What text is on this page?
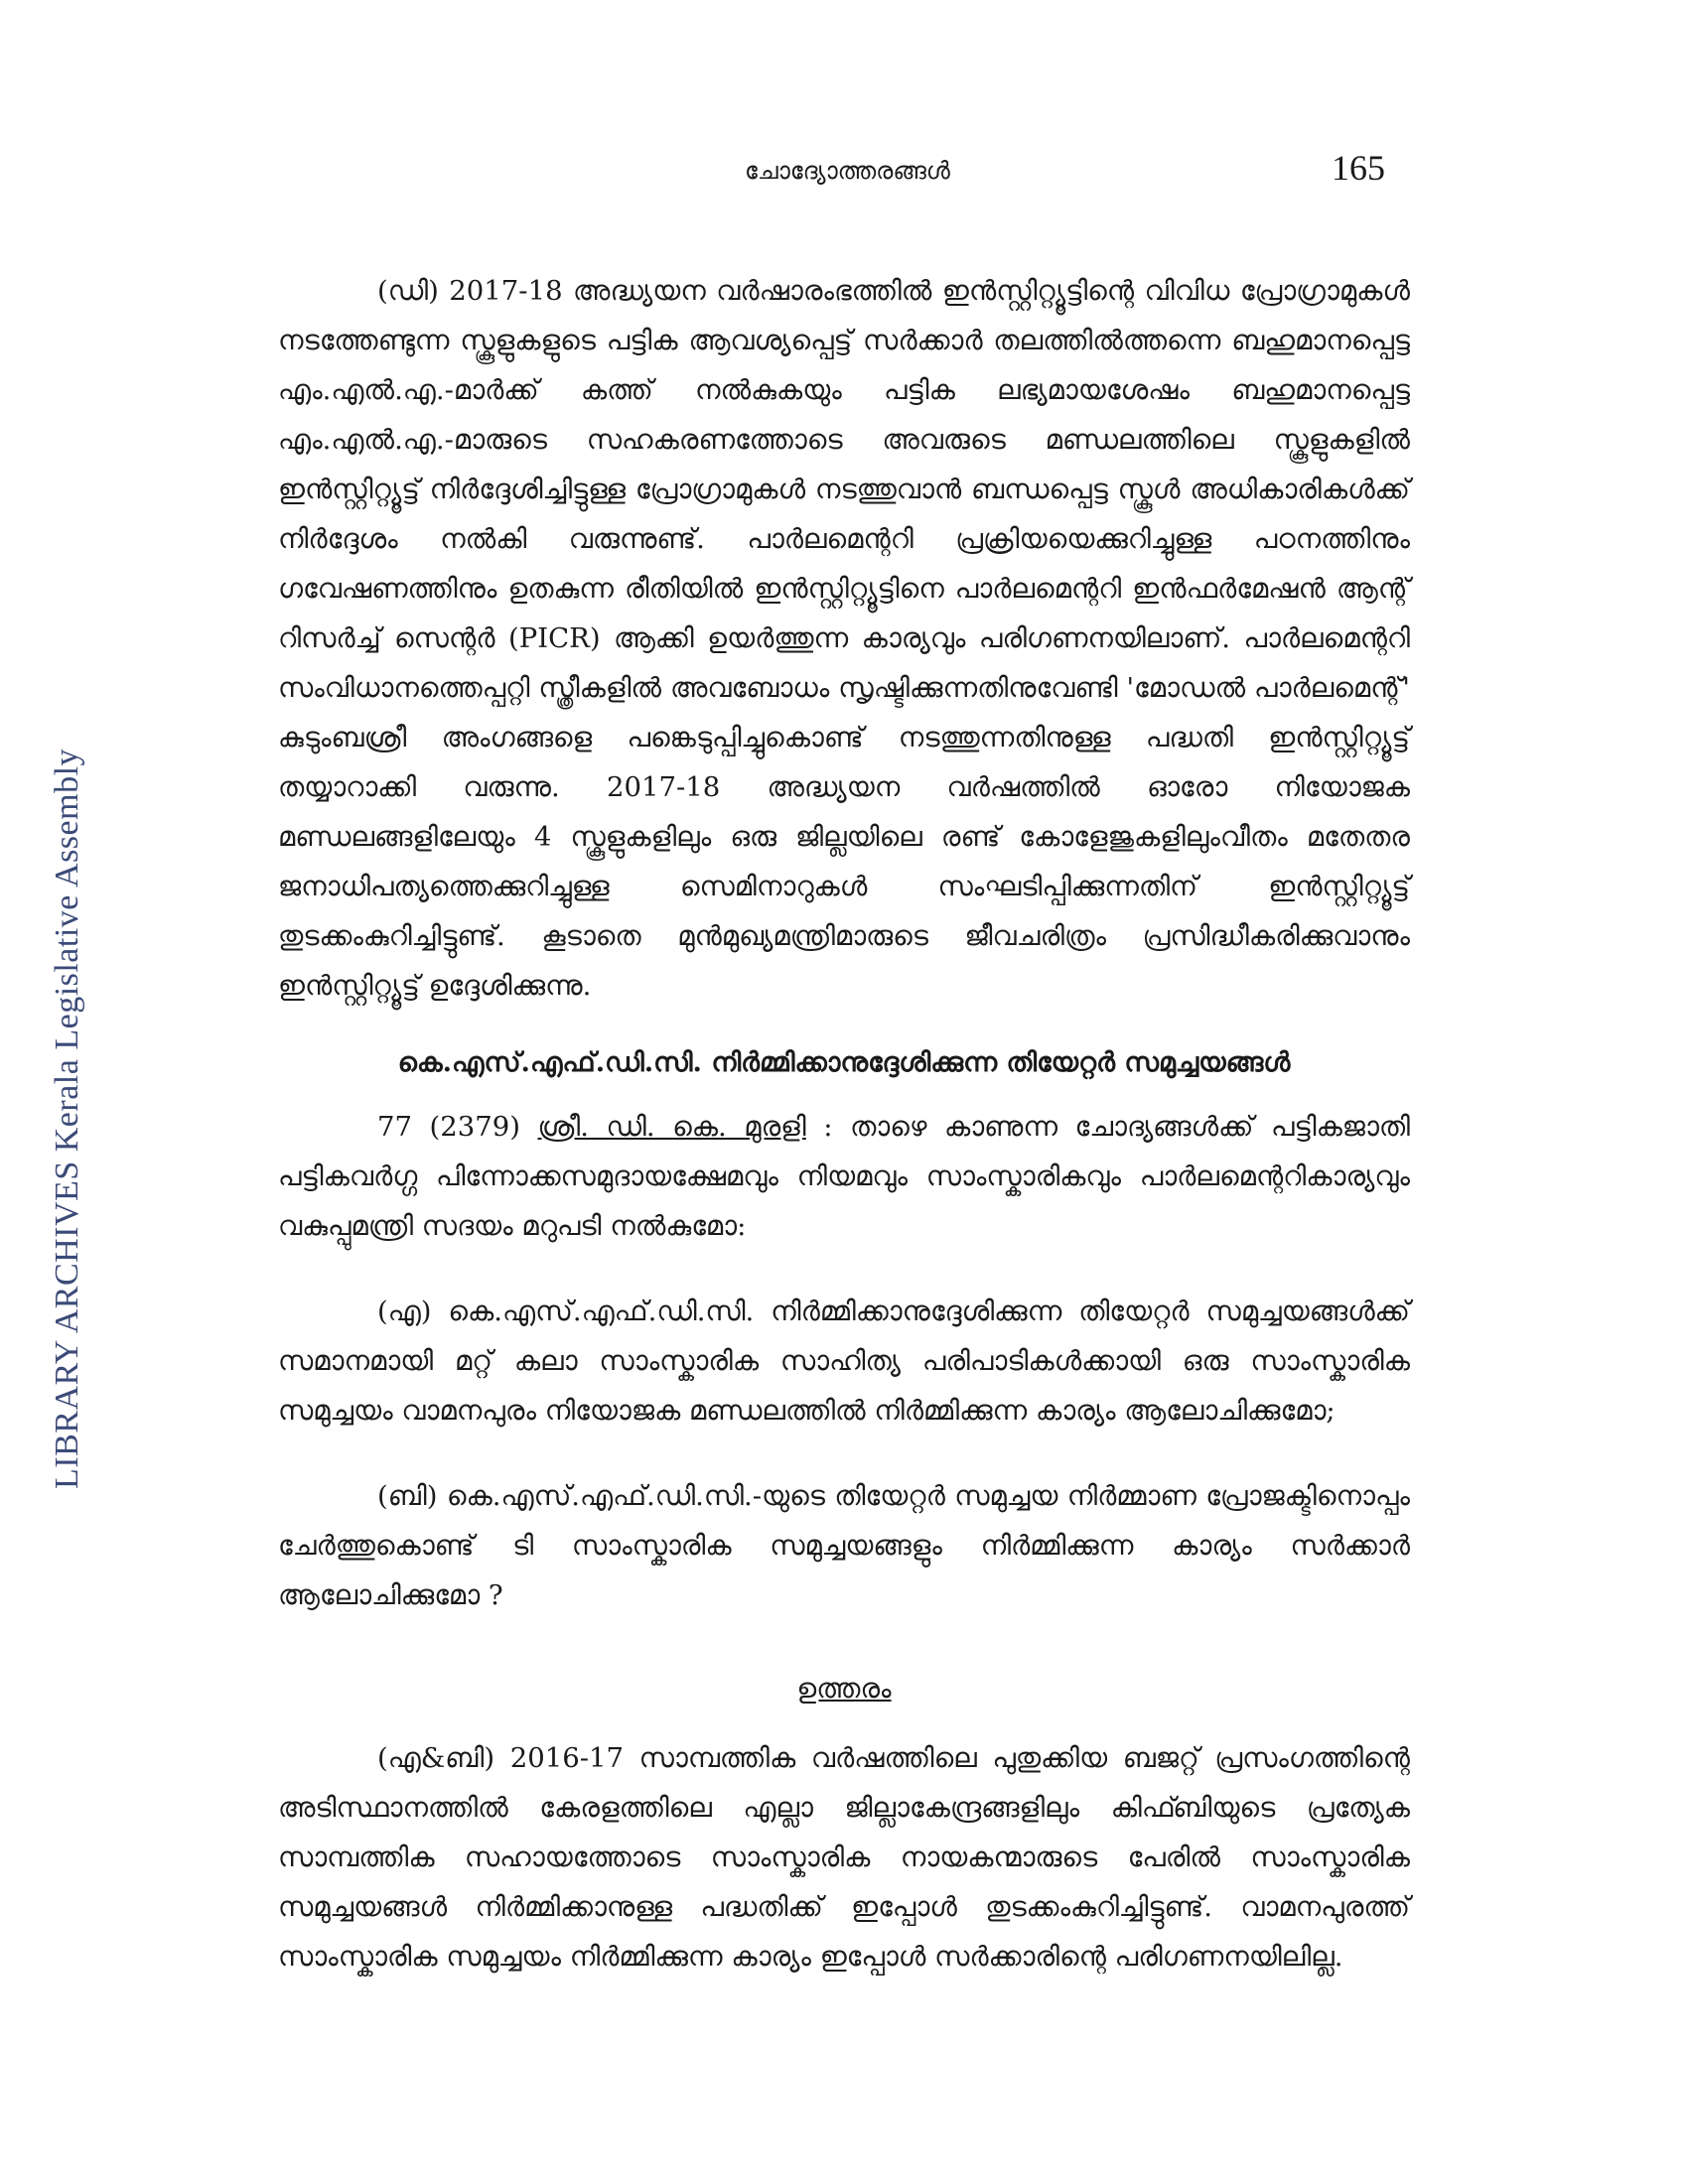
LIBRARY ARCHIVES Kerala Legislative Assembly
ചോദ്യോത്തരങ്ങൾ	165

(ഡി) 2017-18 അദ്ധ്യയന വർഷാരംഭത്തിൽ ഇൻസ്റ്റിറ്റ്യൂട്ടിന്റെ വിവിധ പ്രോഗ്രാമുകൾ നടത്തേണ്ടുന്ന സ്കൂളുകളുടെ പട്ടിക ആവശ്യപ്പെട്ട് സർക്കാർ തലത്തിൽത്തന്നെ ബഹുമാനപ്പെട്ട എം.എൽ.എ.-മാർക്ക് കത്ത് നൽകുകയും പട്ടിക ലഭ്യമായശേഷം ബഹുമാനപ്പെട്ട എം.എൽ.എ.-മാരുടെ സഹകരണത്തോടെ അവരുടെ മണ്ഡലത്തിലെ സ്കൂളുകളിൽ ഇൻസ്റ്റിറ്റ്യൂട്ട് നിർദ്ദേശിച്ചിട്ടുള്ള പ്രോഗ്രാമുകൾ നടത്തുവാൻ ബന്ധപ്പെട്ട സ്കൂൾ അധികാരികൾക്ക് നിർദ്ദേശം നൽകി വരുന്നുണ്ട്. പാർലമെന്ററി പ്രക്രിയയെക്കുറിച്ചുള്ള പഠനത്തിനും ഗവേഷണത്തിനും ഉതകുന്ന രീതിയിൽ ഇൻസ്റ്റിറ്റ്യൂട്ടിനെ പാർലമെന്ററി ഇൻഫർമേഷൻ ആന്റ് റിസർച്ച് സെന്റർ (PICR) ആക്കി ഉയർത്തുന്ന കാര്യവും പരിഗണനയിലാണ്. പാർലമെന്ററി സംവിധാനത്തെപ്പറ്റി സ്ത്രീകളിൽ അവബോധം സൃഷ്ടിക്കുന്നതിനുവേണ്ടി 'മോഡൽ പാർലമെന്റ്' കുടുംബശ്രീ അംഗങ്ങളെ പങ്കെടുപ്പിച്ചുകൊണ്ട് നടത്തുന്നതിനുള്ള പദ്ധതി ഇൻസ്റ്റിറ്റ്യൂട്ട് തയ്യാറാക്കി വരുന്നു. 2017-18 അദ്ധ്യയന വർഷത്തിൽ ഓരോ നിയോജക മണ്ഡലങ്ങളിലേയും 4 സ്കൂളുകളിലും ഒരു ജില്ലയിലെ രണ്ട് കോളേജുകളിലുംവീതം മതേതര ജനാധിപത്യത്തെക്കുറിച്ചുള്ള സെമിനാറുകൾ സംഘടിപ്പിക്കുന്നതിന് ഇൻസ്റ്റിറ്റ്യൂട്ട് തുടക്കംകുറിച്ചിട്ടുണ്ട്. കൂടാതെ മുൻമുഖ്യമന്ത്രിമാരുടെ ജീവചരിത്രം പ്രസിദ്ധീകരിക്കുവാനും ഇൻസ്റ്റിറ്റ്യൂട്ട് ഉദ്ദേശിക്കുന്നു.

കെ.എസ്.എഫ്.ഡി.സി. നിർമ്മിക്കാനുദ്ദേശിക്കുന്ന തിയേറ്റർ സമുച്ചയങ്ങൾ

77 (2379) ശ്രീ. ഡി. കെ. മുരളി : താഴെ കാണുന്ന ചോദ്യങ്ങൾക്ക് പട്ടികജാതി പട്ടികവർഗ്ഗ പിന്നോക്കസമുദായക്ഷേമവും നിയമവും സാംസ്കാരികവും പാർലമെന്ററികാര്യവും വകുപ്പുമന്ത്രി സദയം മറുപടി നൽകുമോ:

(എ) കെ.എസ്.എഫ്.ഡി.സി. നിർമ്മിക്കാനുദ്ദേശിക്കുന്ന തിയേറ്റർ സമുച്ചയങ്ങൾക്ക് സമാനമായി മറ്റ് കലാ സാംസ്കാരിക സാഹിത്യ പരിപാടികൾക്കായി ഒരു സാംസ്കാരിക സമുച്ചയം വാമനപുരം നിയോജക മണ്ഡലത്തിൽ നിർമ്മിക്കുന്ന കാര്യം ആലോചിക്കുമോ;

(ബി) കെ.എസ്.എഫ്.ഡി.സി.-യുടെ തിയേറ്റർ സമുച്ചയ നിർമ്മാണ പ്രോജക്ടിനൊപ്പം ചേർത്തുകൊണ്ട് ടി സാംസ്കാരിക സമുച്ചയങ്ങളും നിർമ്മിക്കുന്ന കാര്യം സർക്കാർ ആലോചിക്കുമോ ?

ഉത്തരം

(എ&ബി) 2016-17 സാമ്പത്തിക വർഷത്തിലെ പുതുക്കിയ ബജറ്റ് പ്രസംഗത്തിന്റെ അടിസ്ഥാനത്തിൽ കേരളത്തിലെ എല്ലാ ജില്ലാകേന്ദ്രങ്ങളിലും കിഫ്ബിയുടെ പ്രത്യേക സാമ്പത്തിക സഹായത്തോടെ സാംസ്കാരിക നായകന്മാരുടെ പേരിൽ സാംസ്കാരിക സമുച്ചയങ്ങൾ നിർമ്മിക്കാനുള്ള പദ്ധതിക്ക് ഇപ്പോൾ തുടക്കംകുറിച്ചിട്ടുണ്ട്. വാമനപുരത്ത് സാംസ്കാരിക സമുച്ചയം നിർമ്മിക്കുന്ന കാര്യം ഇപ്പോൾ സർക്കാരിന്റെ പരിഗണനയിലില്ല.
